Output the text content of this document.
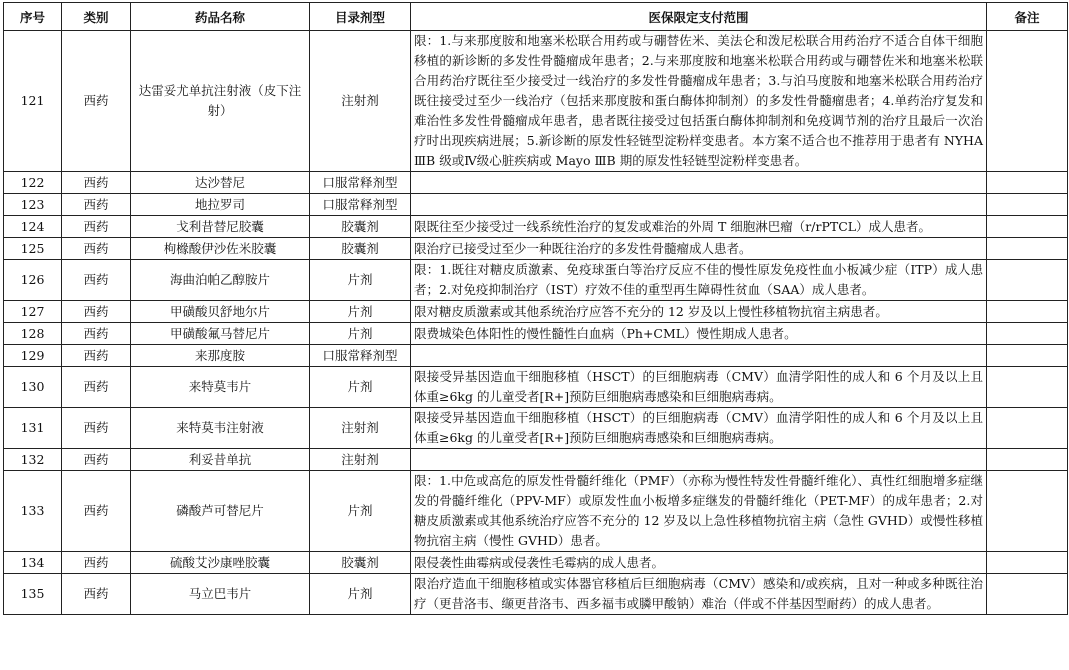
序号	类别	药品名称	目录剂型	医保限定支付范围	备注
121	西药	达雷妥尤单抗注射液（皮下注射）	注射剂	限：1.与来那度胺和地塞米松联合用药或与硼替佐米、美法仑和泼尼松联合用药治疗不适合自体干细胞移植的新诊断的多发性骨髓瘤成年患者；2.与来那度胺和地塞米松联合用药或与硼替佐米和地塞米松联合用药治疗既往至少接受过一线治疗的多发性骨髓瘤成年患者；3.与泊马度胺和地塞米松联合用药治疗既往接受过至少一线治疗（包括来那度胺和蛋白酶体抑制剂）的多发性骨髓瘤患者；4.单药治疗复发和难治性多发性骨髓瘤成年患者，患者既往接受过包括蛋白酶体抑制剂和免疫调节剂的治疗且最后一次治疗时出现疾病进展；5.新诊断的原发性轻链型淀粉样变患者。本方案不适合也不推荐用于患者有 NYHA ⅢB 级或Ⅳ级心脏疾病或 Mayo ⅢB 期的原发性轻链型淀粉样变患者。	
122	西药	达沙替尼	口服常释剂型		
123	西药	地拉罗司	口服常释剂型		
124	西药	戈利昔替尼胶囊	胶囊剂	限既往至少接受过一线系统性治疗的复发或难治的外周 T 细胞淋巴瘤（r/rPTCL）成人患者。	
125	西药	枸橼酸伊沙佐米胶囊	胶囊剂	限治疗已接受过至少一种既往治疗的多发性骨髓瘤成人患者。	
126	西药	海曲泊帕乙醇胺片	片剂	限：1.既往对糖皮质激素、免疫球蛋白等治疗反应不佳的慢性原发免疫性血小板减少症（ITP）成人患者；2.对免疫抑制治疗（IST）疗效不佳的重型再生障碍性贫血（SAA）成人患者。	
127	西药	甲磺酸贝舒地尔片	片剂	限对糖皮质激素或其他系统治疗应答不充分的 12 岁及以上慢性移植物抗宿主病患者。	
128	西药	甲磺酸氟马替尼片	片剂	限费城染色体阳性的慢性髓性白血病（Ph+CML）慢性期成人患者。	
129	西药	来那度胺	口服常释剂型		
130	西药	来特莫韦片	片剂	限接受异基因造血干细胞移植（HSCT）的巨细胞病毒（CMV）血清学阳性的成人和 6 个月及以上且体重≥6kg 的儿童受者[R+]预防巨细胞病毒感染和巨细胞病毒病。	
131	西药	来特莫韦注射液	注射剂	限接受异基因造血干细胞移植（HSCT）的巨细胞病毒（CMV）血清学阳性的成人和 6 个月及以上且体重≥6kg 的儿童受者[R+]预防巨细胞病毒感染和巨细胞病毒病。	
132	西药	利妥昔单抗	注射剂		
133	西药	磷酸芦可替尼片	片剂	限：1.中危或高危的原发性骨髓纤维化（PMF）（亦称为慢性特发性骨髓纤维化）、真性红细胞增多症继发的骨髓纤维化（PPV-MF）或原发性血小板增多症继发的骨髓纤维化（PET-MF）的成年患者；2.对糖皮质激素或其他系统治疗应答不充分的 12 岁及以上急性移植物抗宿主病（急性 GVHD）或慢性移植物抗宿主病（慢性 GVHD）患者。	
134	西药	硫酸艾沙康唑胶囊	胶囊剂	限侵袭性曲霉病或侵袭性毛霉病的成人患者。	
135	西药	马立巴韦片	片剂	限治疗造血干细胞移植或实体器官移植后巨细胞病毒（CMV）感染和/或疾病，且对一种或多种既往治疗（更昔洛韦、缬更昔洛韦、西多福韦或膦甲酸钠）难治（伴或不伴基因型耐药）的成人患者。	
